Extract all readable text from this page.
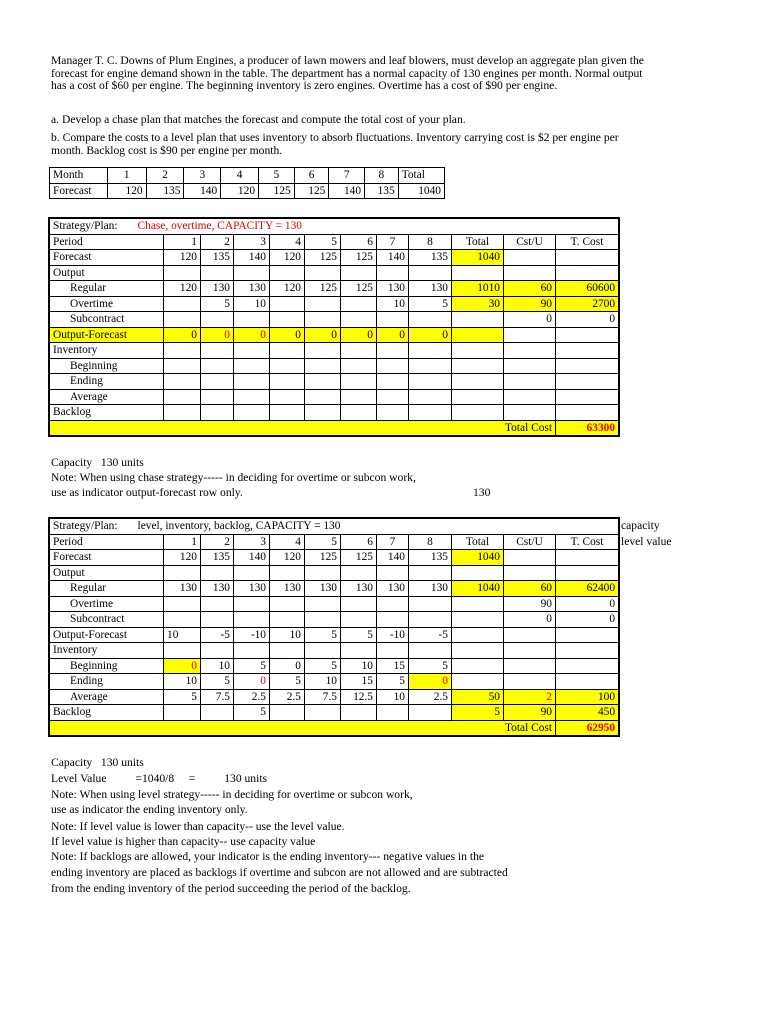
Manager T. C. Downs of Plum Engines, a producer of lawn mowers and leaf blowers, must develop an aggregate plan given the forecast for engine demand shown in the table. The department has a normal capacity of 130 engines per month. Normal output has a cost of $60 per engine. The beginning inventory is zero engines. Overtime has a cost of $90 per engine.

a. Develop a chase plan that matches the forecast and compute the total cost of your plan.

b. Compare the costs to a level plan that uses inventory to absorb fluctuations. Inventory carrying cost is $2 per engine per month. Backlog cost is $90 per engine per month.

Month	1	2	3	4	5	6	7	8	Total
Forecast	120	135	140	120	125	125	140	135	1040
Strategy/Plan: Chase, overtime, CAPACITY = 130											
Period	1	2	3	4	5	6	7	8	Total	Cst/U	T. Cost
Forecast	120	135	140	120	125	125	140	135	1040		
Output											
Regular	120	130	130	120	125	125	130	130	1010	60	60600
Overtime		5	10				10	5	30	90	2700
Subcontract										0	0
Output-Forecast	0	0	0	0	0	0	0	0			
Inventory											
Beginning											
Ending											
Average											
Backlog											
Total Cost											63300
Capacity   130 units
Note: When using chase strategy----- in deciding for overtime or subcon work,
use as indicator output-forecast row only.	130
Strategy/Plan: level, inventory, backlog, CAPACITY = 130											
Period	1	2	3	4	5	6	7	8	Total	Cst/U	T. Cost
Forecast	120	135	140	120	125	125	140	135	1040		
Output											
Regular	130	130	130	130	130	130	130	130	1040	60	62400
Overtime										90	0
Subcontract										0	0
Output-Forecast	10	-5	-10	10	5	5	-10	-5			
Inventory											
Beginning	0	10	5	0	5	10	15	5			
Ending	10	5	0	5	10	15	5	0			
Average	5	7.5	2.5	2.5	7.5	12.5	10	2.5	50	2	100
Backlog			5						5	90	450
Total Cost											62950
capacity
level value
Capacity   130 units
Level Value          =1040/8     =          130 units
Note: When using level strategy----- in deciding for overtime or subcon work,
use as indicator the ending inventory only.
Note: If level value is lower than capacity-- use the level value.
If level value is higher than capacity-- use capacity value
Note: If backlogs are allowed, your indicator is the ending inventory--- negative values in the
ending inventory are placed as backlogs if overtime and subcon are not allowed and are subtracted
from the ending inventory of the period succeeding the period of the backlog.
